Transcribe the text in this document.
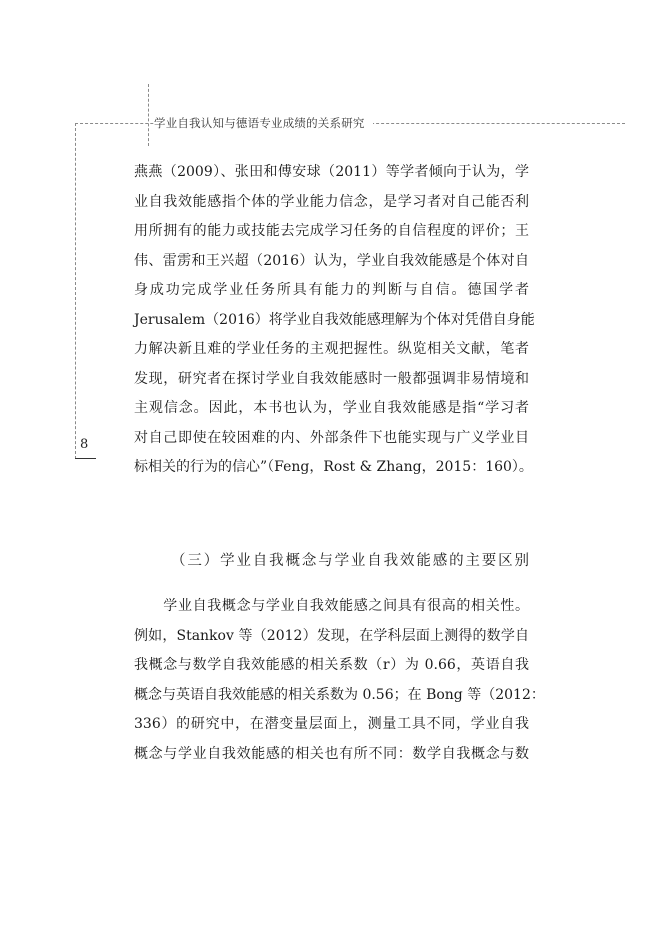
学业自我认知与德语专业成绩的关系研究
8
燕燕（2009）、张田和傅安球（2011）等学者倾向于认为，学
业自我效能感指个体的学业能力信念，是学习者对自己能否利
用所拥有的能力或技能去完成学习任务的自信程度的评价；王
伟、雷雳和王兴超（2016）认为，学业自我效能感是个体对自
身成功完成学业任务所具有能力的判断与自信。德国学者
Jerusalem（2016）将学业自我效能感理解为个体对凭借自身能
力解决新且难的学业任务的主观把握性。纵览相关文献，笔者
发现，研究者在探讨学业自我效能感时一般都强调非易情境和
主观信念。因此，本书也认为，学业自我效能感是指“学习者
对自己即使在较困难的内、外部条件下也能实现与广义学业目
标相关的行为的信心”（Feng，Rost & Zhang，2015：160）。
（三）学业自我概念与学业自我效能感的主要区别
　　学业自我概念与学业自我效能感之间具有很高的相关性。
例如，Stankov 等（2012）发现，在学科层面上测得的数学自
我概念与数学自我效能感的相关系数（r）为 0.66，英语自我
概念与英语自我效能感的相关系数为 0.56；在 Bong 等（2012：
336）的研究中，在潜变量层面上，测量工具不同，学业自我
概念与学业自我效能感的相关也有所不同：数学自我概念与数
